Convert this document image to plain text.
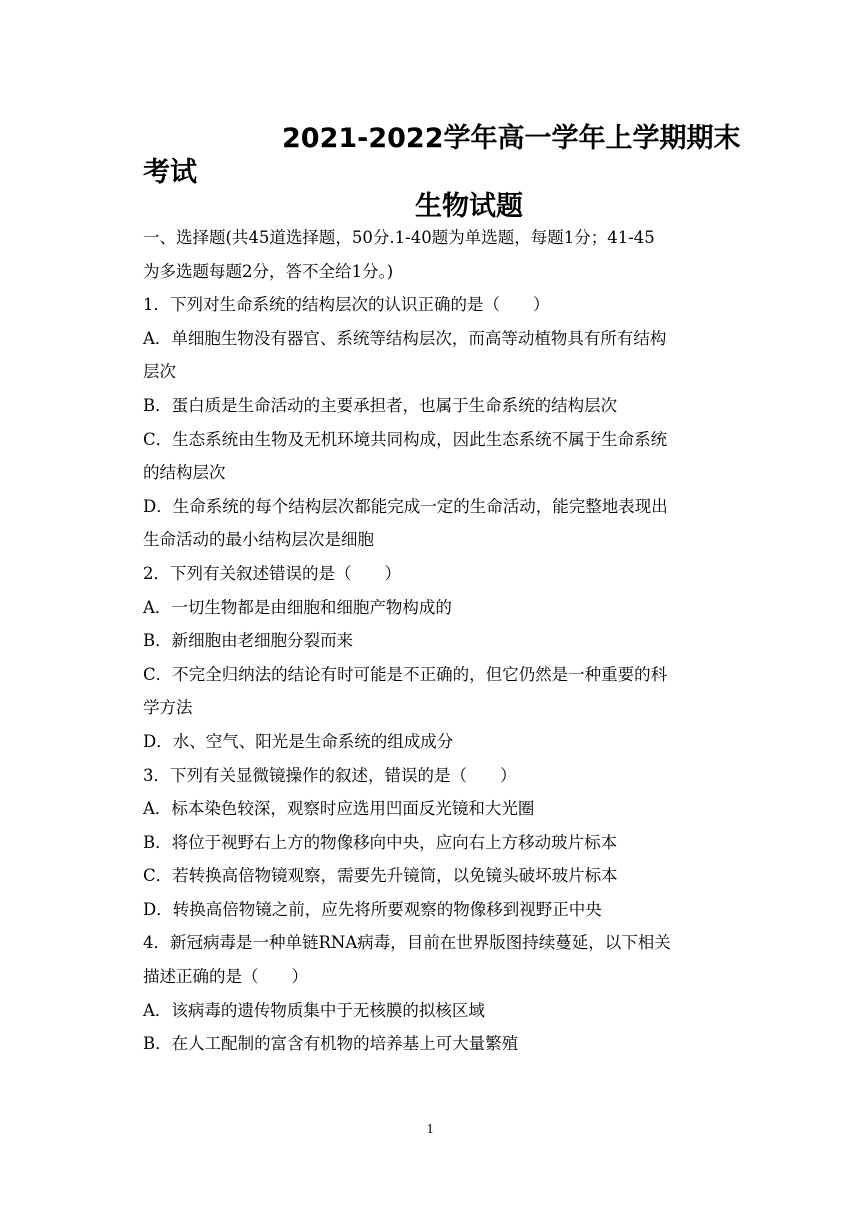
2021-2022学年高一学年上学期期末
考试
生物试题
一、选择题(共45道选择题，50分.1-40题为单选题，每题1分；41-45
为多选题每题2分，答不全给1分。)
1．下列对生命系统的结构层次的认识正确的是（　　）
A．单细胞生物没有器官、系统等结构层次，而高等动植物具有所有结构
层次
B．蛋白质是生命活动的主要承担者，也属于生命系统的结构层次
C．生态系统由生物及无机环境共同构成，因此生态系统不属于生命系统
的结构层次
D．生命系统的每个结构层次都能完成一定的生命活动，能完整地表现出
生命活动的最小结构层次是细胞
2．下列有关叙述错误的是（　　）
A．一切生物都是由细胞和细胞产物构成的
B．新细胞由老细胞分裂而来
C．不完全归纳法的结论有时可能是不正确的，但它仍然是一种重要的科
学方法
D．水、空气、阳光是生命系统的组成成分
3．下列有关显微镜操作的叙述，错误的是（　　）
A．标本染色较深，观察时应选用凹面反光镜和大光圈
B．将位于视野右上方的物像移向中央，应向右上方移动玻片标本
C．若转换高倍物镜观察，需要先升镜筒，以免镜头破坏玻片标本
D．转换高倍物镜之前，应先将所要观察的物像移到视野正中央
4．新冠病毒是一种单链RNA病毒，目前在世界版图持续蔓延，以下相关
描述正确的是（　　）
A．该病毒的遗传物质集中于无核膜的拟核区域
B．在人工配制的富含有机物的培养基上可大量繁殖
1
